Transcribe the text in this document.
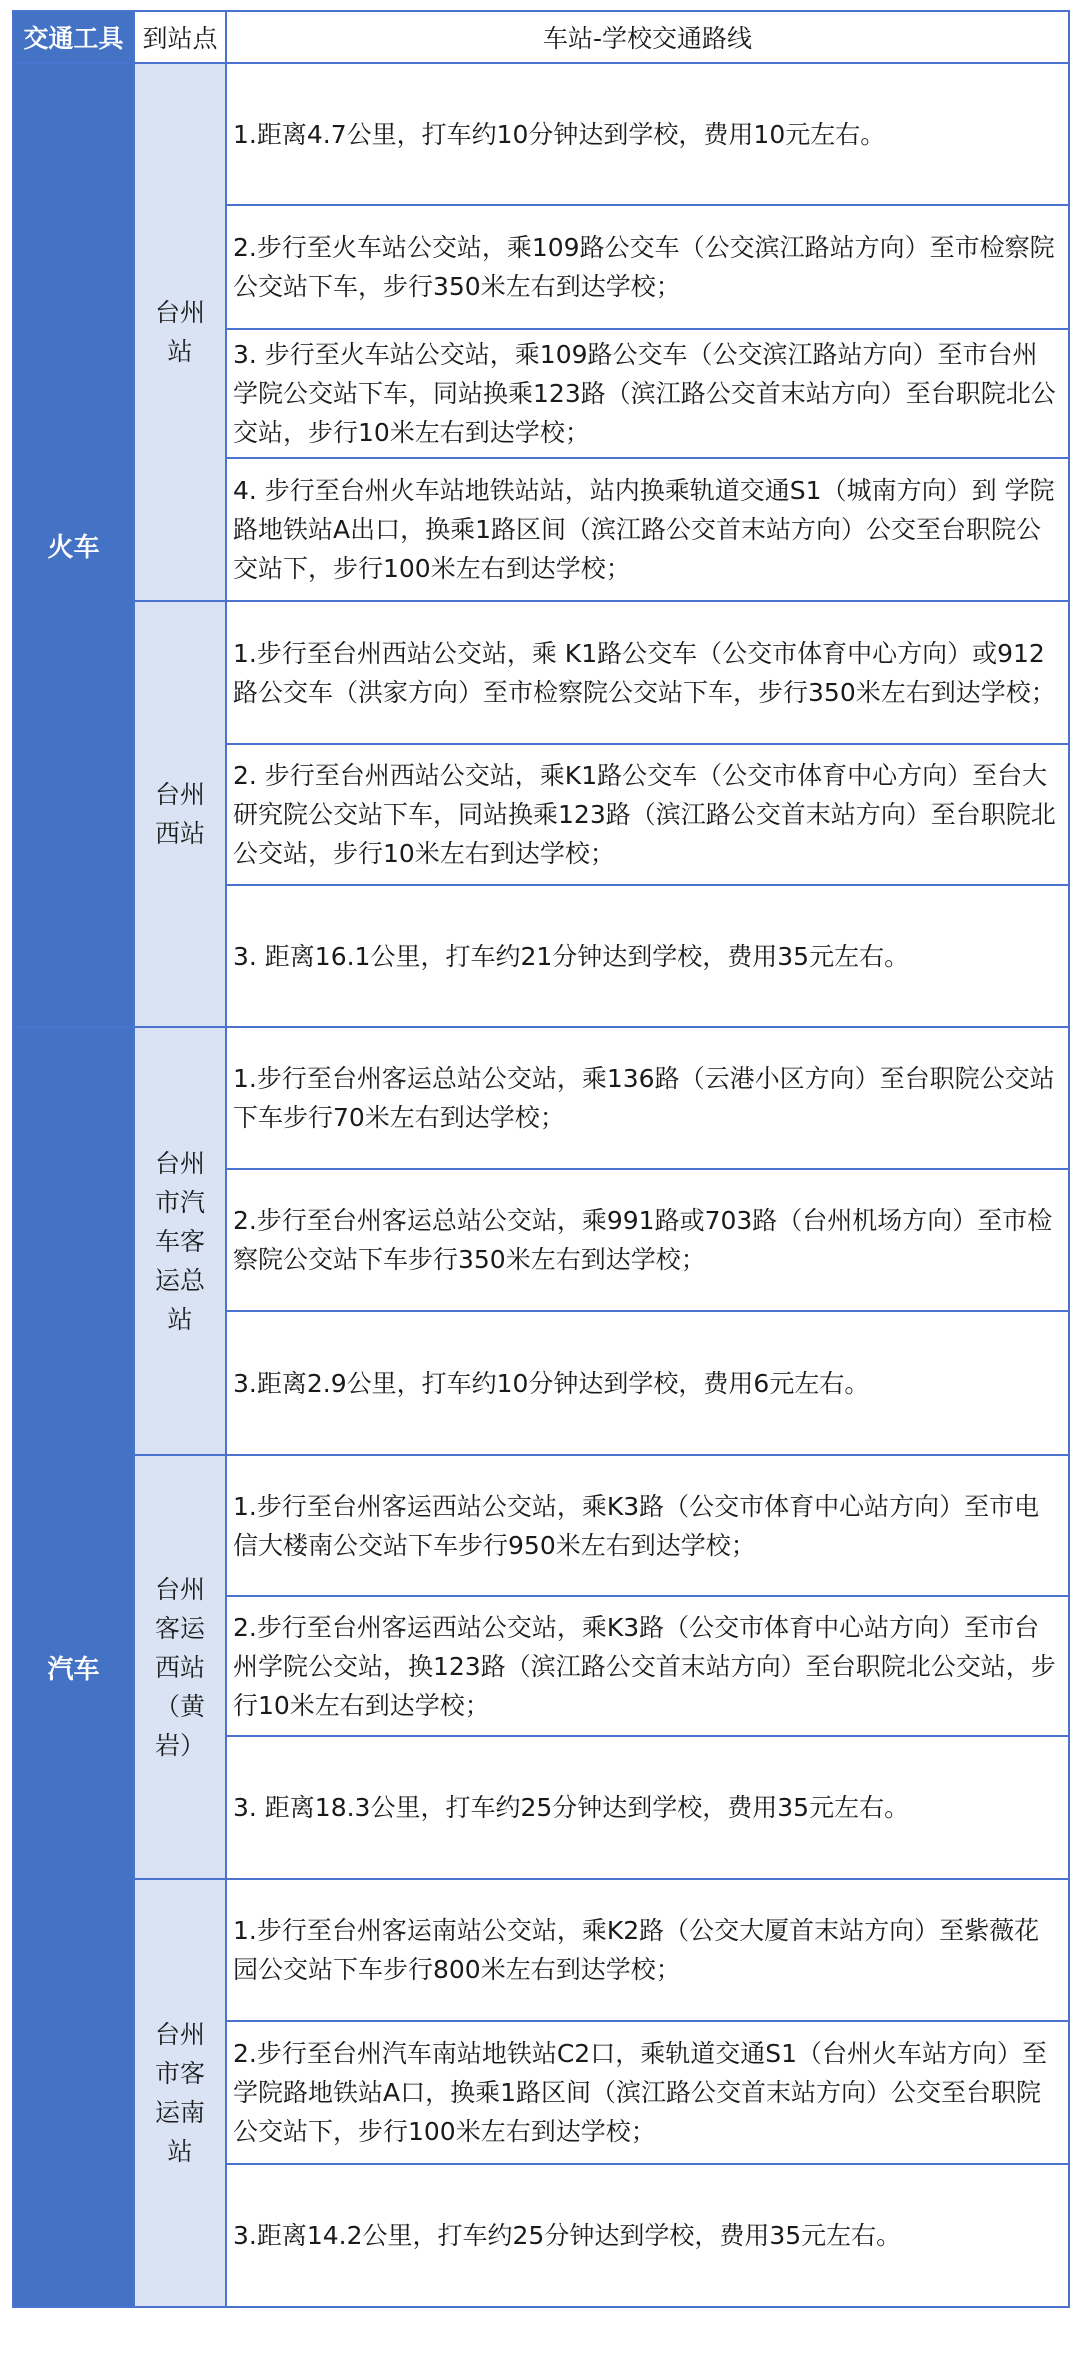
交通工具	到站点	车站-学校交通路线
火车	台州站	1.距离4.7公里，打车约10分钟达到学校，费用10元左右。
		2.步行至火车站公交站，乘109路公交车（公交滨江路站方向）至市检察院公交站下车，步行350米左右到达学校；
		3. 步行至火车站公交站，乘109路公交车（公交滨江路站方向）至市台州学院公交站下车，同站换乘123路（滨江路公交首末站方向）至台职院北公交站，步行10米左右到达学校；
		4. 步行至台州火车站地铁站站，站内换乘轨道交通S1（城南方向）到 学院路地铁站A出口，换乘1路区间（滨江路公交首末站方向）公交至台职院公交站下，步行100米左右到达学校；
	台州西站	1.步行至台州西站公交站，乘 K1路公交车（公交市体育中心方向）或912路公交车（洪家方向）至市检察院公交站下车，步行350米左右到达学校；
		2. 步行至台州西站公交站，乘K1路公交车（公交市体育中心方向）至台大研究院公交站下车，同站换乘123路（滨江路公交首末站方向）至台职院北公交站，步行10米左右到达学校；
		3. 距离16.1公里，打车约21分钟达到学校，费用35元左右。
汽车	台州市汽车客运总站	1.步行至台州客运总站公交站，乘136路（云港小区方向）至台职院公交站下车步行70米左右到达学校；
		2.步行至台州客运总站公交站，乘991路或703路（台州机场方向）至市检察院公交站下车步行350米左右到达学校；
		3.距离2.9公里，打车约10分钟达到学校，费用6元左右。
	台州客运西站（黄岩）	1.步行至台州客运西站公交站，乘K3路（公交市体育中心站方向）至市电信大楼南公交站下车步行950米左右到达学校；
		2.步行至台州客运西站公交站，乘K3路（公交市体育中心站方向）至市台州学院公交站，换123路（滨江路公交首末站方向）至台职院北公交站，步行10米左右到达学校；
		3. 距离18.3公里，打车约25分钟达到学校，费用35元左右。
	台州市客运南站	1.步行至台州客运南站公交站，乘K2路（公交大厦首末站方向）至紫薇花园公交站下车步行800米左右到达学校；
		2.步行至台州汽车南站地铁站C2口，乘轨道交通S1（台州火车站方向）至学院路地铁站A口，换乘1路区间（滨江路公交首末站方向）公交至台职院公交站下，步行100米左右到达学校；
		3.距离14.2公里，打车约25分钟达到学校，费用35元左右。
